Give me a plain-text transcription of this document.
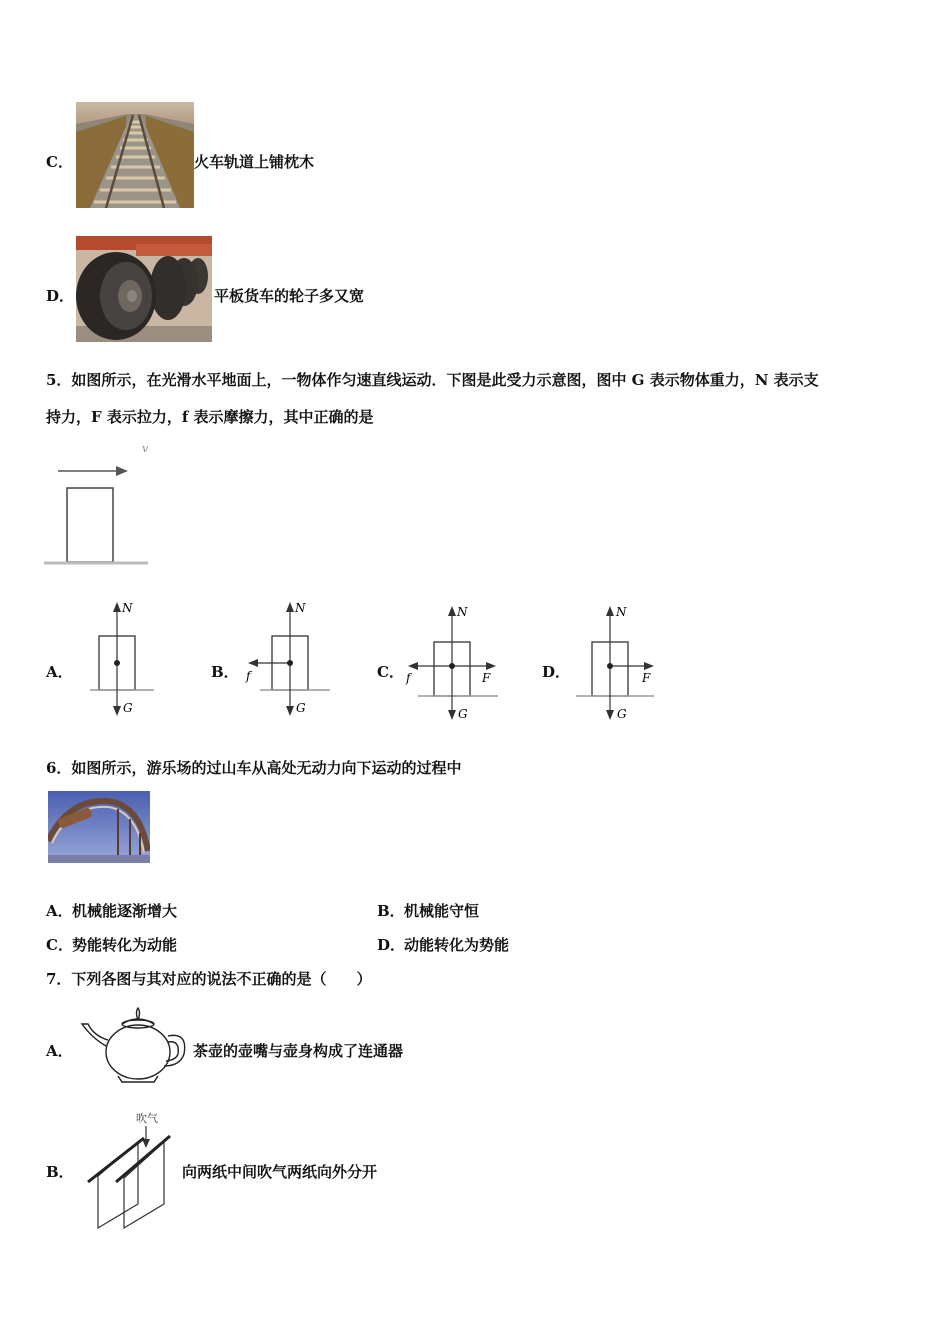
C．	火车轨道上铺枕木
D．	平板货车的轮子多又宽
5．如图所示，在光滑水平地面上，一物体作匀速直线运动．下图是此受力示意图，图中 G 表示物体重力，N 表示支
持力，F 表示拉力，f 表示摩擦力，其中正确的是
v
A．
N
G
B．
N
f
G
C．
N
f	F
G
D．
N
F
G
6．如图所示，游乐场的过山车从高处无动力向下运动的过程中
A． 机械能逐渐增大	B． 机械能守恒
C． 势能转化为动能	D．
动能转化为势能
7．下列各图与其对应的说法不正确的是（　　）
A．	茶壶的壶嘴与壶身构成了连通器
B．
吹气
向两纸中间吹气两纸向外分开
